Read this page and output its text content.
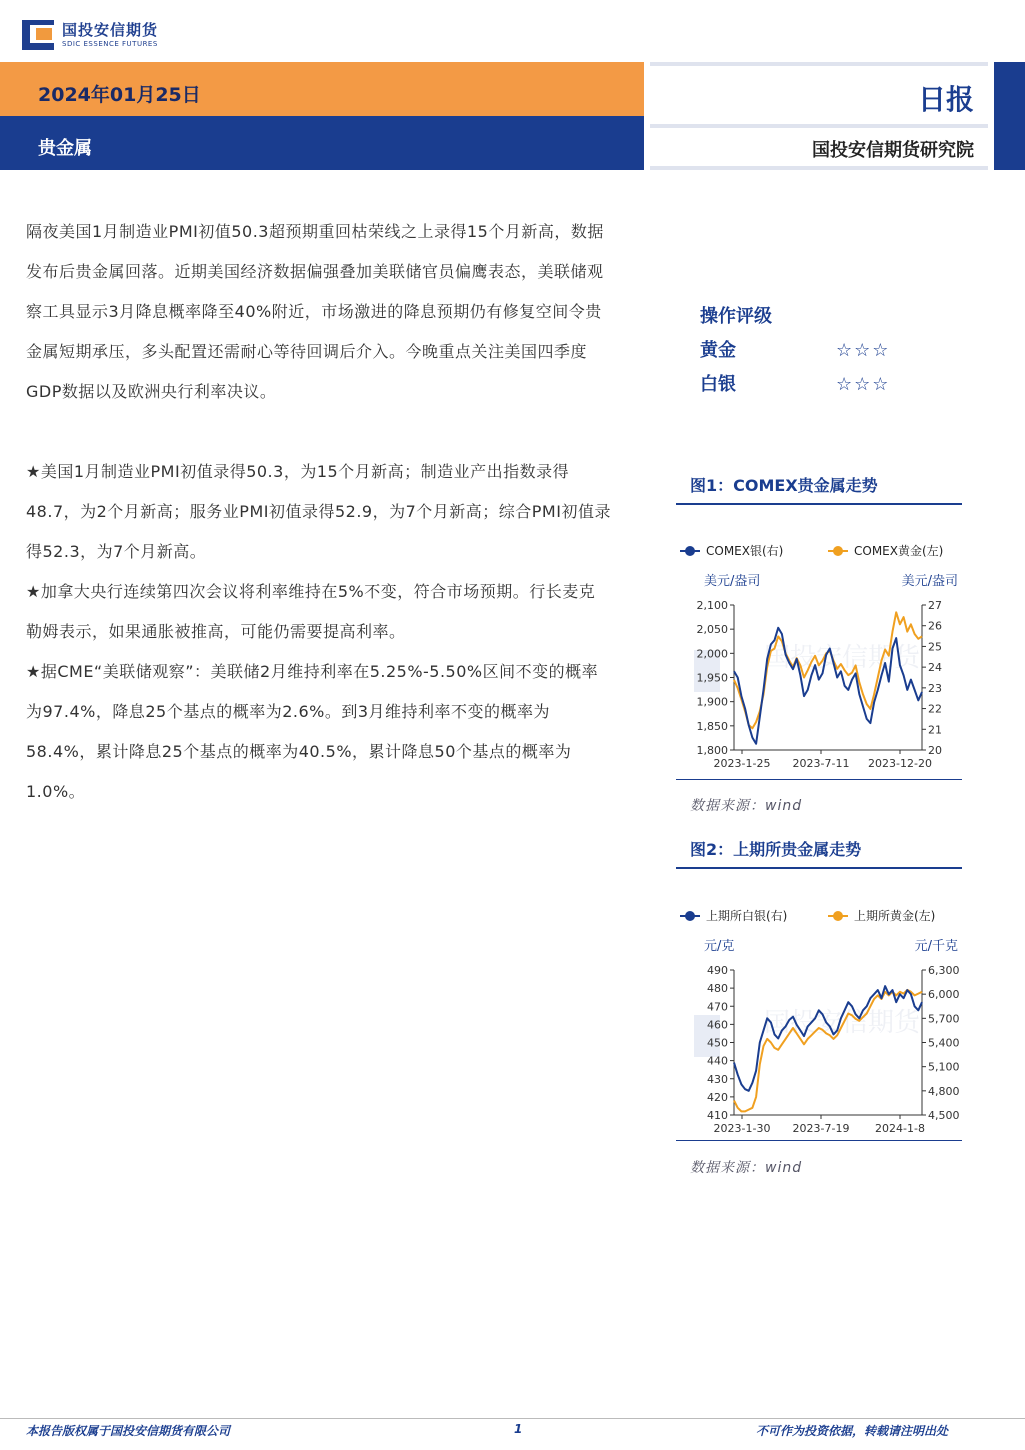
国投安信期货
SDIC ESSENCE FUTURES
2024年01月25日
贵金属
日报
国投安信期货研究院

隔夜美国1月制造业PMI初值50.3超预期重回枯荣线之上录得15个月新高，数据发布后贵金属回落。近期美国经济数据偏强叠加美联储官员偏鹰表态，美联储观察工具显示3月降息概率降至40%附近，市场激进的降息预期仍有修复空间令贵金属短期承压，多头配置还需耐心等待回调后介入。今晚重点关注美国四季度GDP数据以及欧洲央行利率决议。

★美国1月制造业PMI初值录得50.3，为15个月新高；制造业产出指数录得48.7，为2个月新高；服务业PMI初值录得52.9，为7个月新高；综合PMI初值录得52.3，为7个月新高。

★加拿大央行连续第四次会议将利率维持在5%不变，符合市场预期。行长麦克勒姆表示，如果通胀被推高，可能仍需要提高利率。

★据CME“美联储观察”：美联储2月维持利率在5.25%-5.50%区间不变的概率为97.4%，降息25个基点的概率为2.6%。到3月维持利率不变的概率为58.4%，累计降息25个基点的概率为40.5%，累计降息50个基点的概率为1.0%。

操作评级
黄金	☆☆☆
白银	☆☆☆
图1：COMEX贵金属走势
COMEX银(右)	COMEX黄金(左)
美元/盎司	美元/盎司
国投安信期货
2,100
2,050
2,000
1,950
1,900
1,850
1,800
27
26
25
24
23
22
21
20
2023-1-25 2023-7-11 2023-12-20
数据来源：wind
图2：上期所贵金属走势
上期所白银(右)	上期所黄金(左)
元/克	元/千克
国投安信期货
490
480
470
460
450
440
430
420
410
6,300
6,000
5,700
5,400
5,100
4,800
4,500
2023-1-30 2023-7-19 2024-1-8
数据来源：wind
本报告版权属于国投安信期货有限公司	1	不可作为投资依据，转载请注明出处
